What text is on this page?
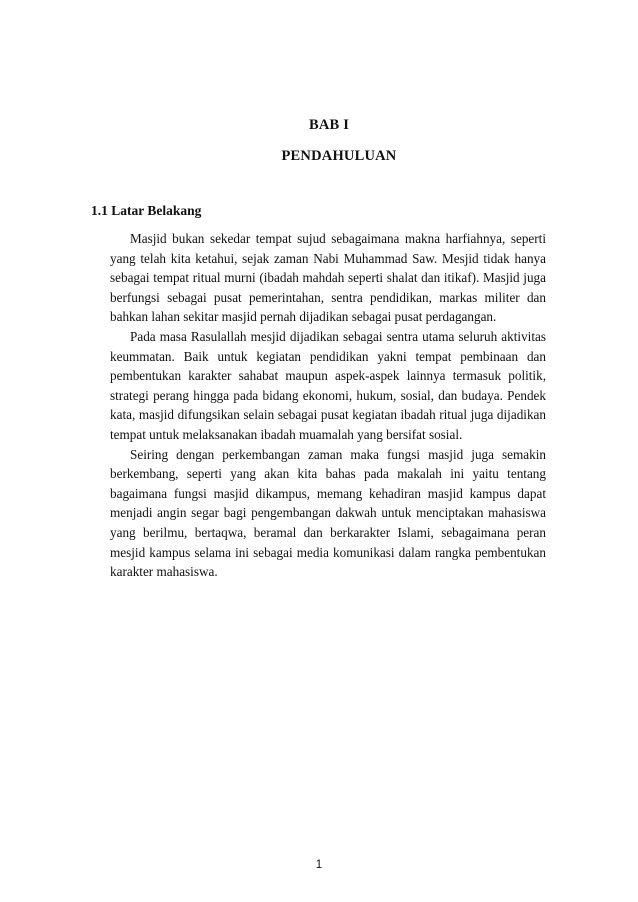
BAB I
PENDAHULUAN
1.1 Latar Belakang

Masjid bukan sekedar tempat sujud sebagaimana makna harfiahnya, seperti yang telah kita ketahui, sejak zaman Nabi Muhammad Saw. Mesjid tidak hanya sebagai tempat ritual murni (ibadah mahdah seperti shalat dan itikaf). Masjid juga berfungsi sebagai pusat pemerintahan, sentra pendidikan, markas militer dan bahkan lahan sekitar masjid pernah dijadikan sebagai pusat perdagangan.

Pada masa Rasulallah mesjid dijadikan sebagai sentra utama seluruh aktivitas keummatan. Baik untuk kegiatan pendidikan yakni tempat pembinaan dan pembentukan karakter sahabat maupun aspek-aspek lainnya termasuk politik, strategi perang hingga pada bidang ekonomi, hukum, sosial, dan budaya. Pendek kata, masjid difungsikan selain sebagai pusat kegiatan ibadah ritual juga dijadikan tempat untuk melaksanakan ibadah muamalah yang bersifat sosial.

Seiring dengan perkembangan zaman maka fungsi masjid juga semakin berkembang, seperti yang akan kita bahas pada makalah ini yaitu tentang bagaimana fungsi masjid dikampus, memang kehadiran masjid kampus dapat menjadi angin segar bagi pengembangan dakwah untuk menciptakan mahasiswa yang berilmu, bertaqwa, beramal dan berkarakter Islami, sebagaimana peran mesjid kampus selama ini sebagai media komunikasi dalam rangka pembentukan karakter mahasiswa.

1
